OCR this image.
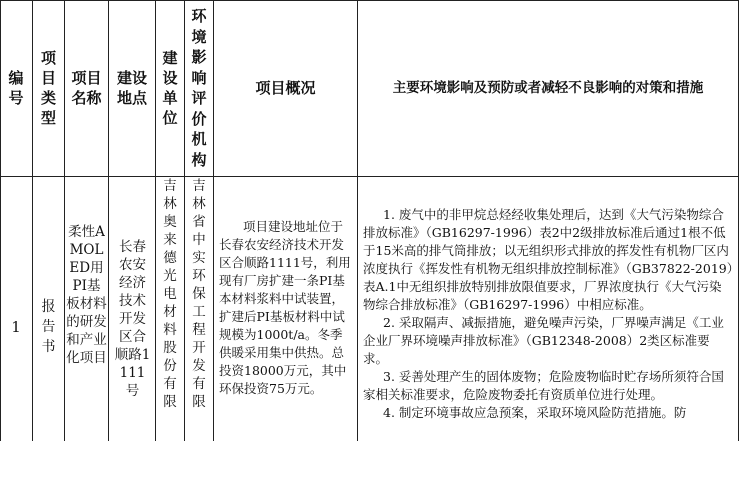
编号
项目类型
项目名称
建设地点
建设单位
环境影响评价机构
项目概况	主要环境影响及预防或者减轻不良影响的对策和措施
1
报告书
柔性AMOLED用PI基板材料的研发和产业化项目
长春农安经济技术开发区合顺路1111号
吉林奥来德光电材料股份有限
吉林省中实环保工程开发有限
项目建设地址位于长春农安经济技术开发区合顺路1111号，利用现有厂房扩建一条PI基本材料浆料中试装置，扩建后PI基板材料中试规模为1000t/a。冬季供暖采用集中供热。总投资18000万元，其中环保投资75万元。
1. 废气中的非甲烷总烃经收集处理后，达到《大气污染物综合排放标准》（GB16297-1996）表2中2级排放标准后通过1根不低于15米高的排气筒排放；以无组织形式排放的挥发性有机物厂区内浓度执行《挥发性有机物无组织排放控制标准》（GB37822-2019）表A.1中无组织排放特别排放限值要求，厂界浓度执行《大气污染物综合排放标准》（GB16297-1996）中相应标准。
2. 采取隔声、减振措施，避免噪声污染，厂界噪声满足《工业企业厂界环境噪声排放标准》（GB12348-2008）2类区标准要求。
3. 妥善处理产生的固体废物；危险废物临时贮存场所须符合国家相关标准要求，危险废物委托有资质单位进行处理。
4. 制定环境事故应急预案，采取环境风险防范措施。防
